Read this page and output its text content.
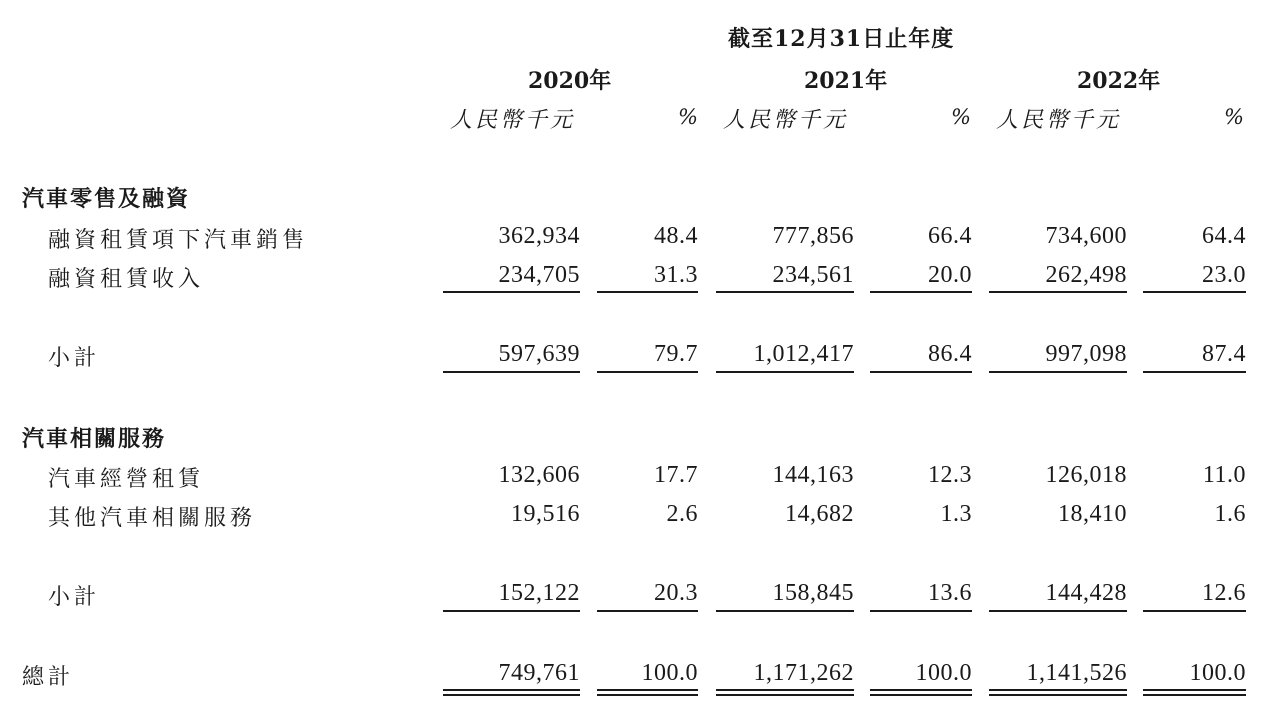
截至12月31日止年度
2020年	2021年	2022年
人民幣千元	% 人民幣千元	% 人民幣千元	%
汽車零售及融資
融資租賃項下汽車銷售	362,934	48.4	777,856	66.4	734,600	64.4
融資租賃收入	234,705	31.3	234,561	20.0	262,498	23.0
小計	597,639	79.7	1,012,417	86.4	997,098	87.4
汽車相關服務
汽車經營租賃	132,606	17.7	144,163	12.3	126,018	11.0
其他汽車相關服務	19,516	2.6	14,682	1.3	18,410	1.6
小計	152,122	20.3	158,845	13.6	144,428	12.6
總計	749,761	100.0	1,171,262	100.0	1,141,526	100.0
